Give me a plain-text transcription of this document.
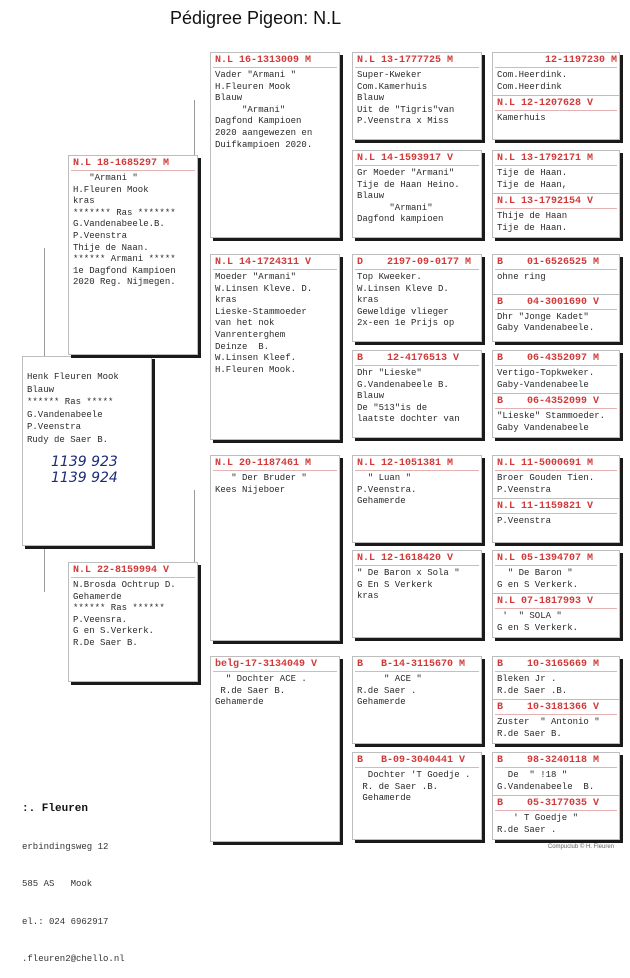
Pédigree Pigeon: N.L
Henk Fleuren Mook
Blauw
****** Ras *****
G.Vandenabeele
P.Veenstra
Rudy de Saer B.
1139 923
1139 924
N.L 18-1685297 M
"Armani "
H.Fleuren Mook
kras
******* Ras *******
G.Vandenabeele.B.
P.Veenstra
Thije de Naan.
****** Armani *****
1e Dagfond Kampioen
2020 Reg. Nijmegen.
N.L 22-8159994 V
N.Brosda Ochtrup D.
Gehamerde
****** Ras ******
P.Veensra.
G en S.Verkerk.
R.De Saer B.
N.L 16-1313009 M
Vader "Armani "
H.Fleuren Mook
Blauw
"Armani"
Dagfond Kampioen
2020 aangewezen en
Duifkampioen 2020.
N.L 14-1724311 V
Moeder "Armani"
W.Linsen Kleve. D.
kras
Lieske-Stammoeder
van het nok
Vanrenterghem
Deinze  B.
W.Linsen Kleef.
H.Fleuren Mook.
N.L 20-1187461 M
" Der Bruder "
Kees Nijeboer
belg-17-3134049 V
" Dochter ACE .
R.de Saer B.
Gehamerde
N.L 13-1777725 M
Super-Kweker
Com.Kamerhuis
Blauw
Uit de "Tigris"van
P.Veenstra x Miss
N.L 14-1593917 V
Gr Moeder "Armani"
Tije de Haan Heino.
Blauw
"Armani"
Dagfond kampioen
D    2197-09-0177 M
Top Kweeker.
W.Linsen Kleve D.
kras
Geweldige vlieger
2x-een 1e Prijs op
B    12-4176513 V
Dhr "Lieske"
G.Vandenabeele B.
Blauw
De "513"is de
laatste dochter van
N.L 12-1051381 M
" Luan "
P.Veenstra.
Gehamerde
N.L 12-1618420 V
" De Baron x Sola "
G En S Verkerk
kras
B   B-14-3115670 M
" ACE "
R.de Saer .
Gehamerde
B   B-09-3040441 V
Dochter 'T Goedje .
R. de Saer .B.
Gehamerde
12-1197230 M
Com.Heerdink.
Com.Heerdink
N.L 12-1207628 V
Kamerhuis
N.L 13-1792171 M
Tije de Haan.
Tije de Haan,
N.L 13-1792154 V
Thije de Haan
Tije de Haan.
B    01-6526525 M
ohne ring
B    04-3001690 V
Dhr "Jonge Kadet"
Gaby Vandenabeele.
B    06-4352097 M
Vertigo-Topkweker.
Gaby-Vandenabeele
B    06-4352099 V
"Lieske" Stammoeder.
Gaby Vandenabeele
N.L 11-5000691 M
Broer Gouden Tien.
P.Veenstra
N.L 11-1159821 V
P.Veenstra
N.L 05-1394707 M
" De Baron "
G en S Verkerk.
N.L 07-1817993 V
'  " SOLA "
G en S Verkerk.
B    10-3165669 M
Bleken Jr .
R.de Saer .B.
B    10-3181366 V
Zuster  " Antonio "
R.de Saer B.
B    98-3240118 M
De  " !18 "
G.Vandenabeele  B.
B    05-3177035 V
' T Goedje "
R.de Saer .

:. Fleuren

erbindingsweg 12

585 AS   Mook

el.: 024 6962917

.fleuren2@chello.nl

Compuclub © H. Fleuren
